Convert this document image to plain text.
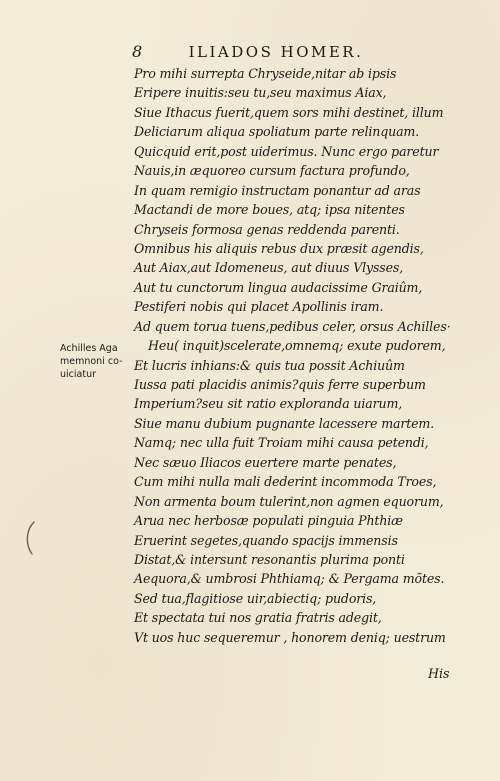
8	ILIADOS HOMER.
Achilles Aga
memnoni co-
uiciatur
Pro mihi surrepta Chryseide,nitar ab ipsis
Eripere inuitis:seu tu,seu maximus Aiax,
Siue Ithacus fuerit,quem sors mihi destinet, illum
Deliciarum aliqua spoliatum parte relinquam.
Quicquid erit,post uiderimus. Nunc ergo paretur
Nauis,in æquoreo cursum factura profundo,
In quam remigio instructam ponantur ad aras
Mactandi de more boues, atq; ipsa nitentes
Chryseis formosa genas reddenda parenti.
Omnibus his aliquis rebus dux præsit agendis,
Aut Aiax,aut Idomeneus, aut diuus Vlysses,
Aut tu cunctorum lingua audacissime Graiûm,
Pestiferi nobis qui placet Apollinis iram.
Ad quem torua tuens,pedibus celer, orsus Achilles·
Heu( inquit)scelerate,omnemq; exute pudorem,
Et lucris inhians:& quis tua possit Achiuûm
Iussa pati placidis animis?quis ferre superbum
Imperium?seu sit ratio exploranda uiarum,
Siue manu dubium pugnante lacessere martem.
Namq; nec ulla fuit Troiam mihi causa petendi,
Nec sæuo Iliacos euertere marte penates,
Cum mihi nulla mali dederint incommoda Troes,
Non armenta boum tulerint,non agmen equorum,
Arua nec herbosæ populati pinguia Phthiæ
Eruerint segetes,quando spacijs immensis
Distat,& intersunt resonantis plurima ponti
Aequora,& umbrosi Phthiamq; & Pergama mõtes.
Sed tua,flagitiose uir,abiectiq; pudoris,
Et spectata tui nos gratia fratris adegit,
Vt uos huc sequeremur , honorem deniq; uestrum
His
